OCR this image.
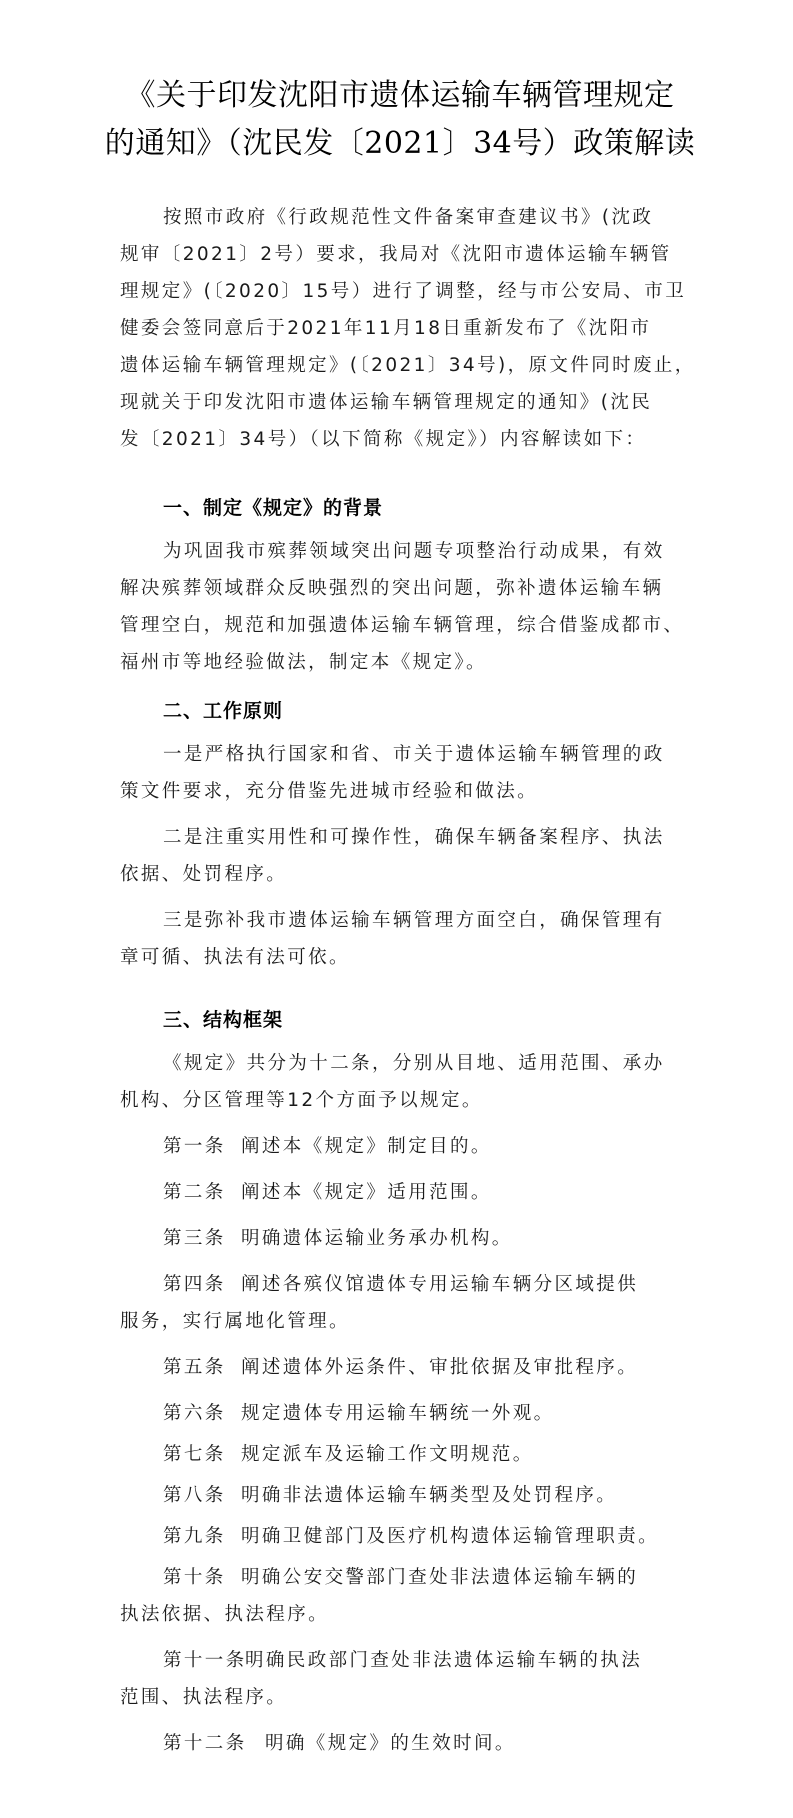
《关于印发沈阳市遗体运输车辆管理规定
的通知》（沈民发〔2021〕34号）政策解读
按照市政府《行政规范性文件备案审查建议书》(沈政
规审〔2021〕2号）要求，我局对《沈阳市遗体运输车辆管
理规定》(〔2020〕15号）进行了调整，经与市公安局、市卫
健委会签同意后于2021年11月18日重新发布了《沈阳市
遗体运输车辆管理规定》(〔2021〕34号)，原文件同时废止，
现就关于印发沈阳市遗体运输车辆管理规定的通知》(沈民
发〔2021〕34号）（以下简称《规定》）内容解读如下：
一、制定《规定》的背景
为巩固我市殡葬领域突出问题专项整治行动成果，有效
解决殡葬领域群众反映强烈的突出问题，弥补遗体运输车辆
管理空白，规范和加强遗体运输车辆管理，综合借鉴成都市、
福州市等地经验做法，制定本《规定》。
二、工作原则
一是严格执行国家和省、市关于遗体运输车辆管理的政
策文件要求，充分借鉴先进城市经验和做法。
二是注重实用性和可操作性，确保车辆备案程序、执法
依据、处罚程序。
三是弥补我市遗体运输车辆管理方面空白，确保管理有
章可循、执法有法可依。
三、结构框架
《规定》共分为十二条，分别从目地、适用范围、承办
机构、分区管理等12个方面予以规定。
第一条 阐述本《规定》制定目的。
第二条 阐述本《规定》适用范围。
第三条 明确遗体运输业务承办机构。
第四条 阐述各殡仪馆遗体专用运输车辆分区域提供
服务，实行属地化管理。
第五条 阐述遗体外运条件、审批依据及审批程序。
第六条 规定遗体专用运输车辆统一外观。
第七条 规定派车及运输工作文明规范。
第八条 明确非法遗体运输车辆类型及处罚程序。
第九条 明确卫健部门及医疗机构遗体运输管理职责。
第十条 明确公安交警部门查处非法遗体运输车辆的
执法依据、执法程序。
第十一条明确民政部门查处非法遗体运输车辆的执法
范围、执法程序。
第十二条 明确《规定》的生效时间。
